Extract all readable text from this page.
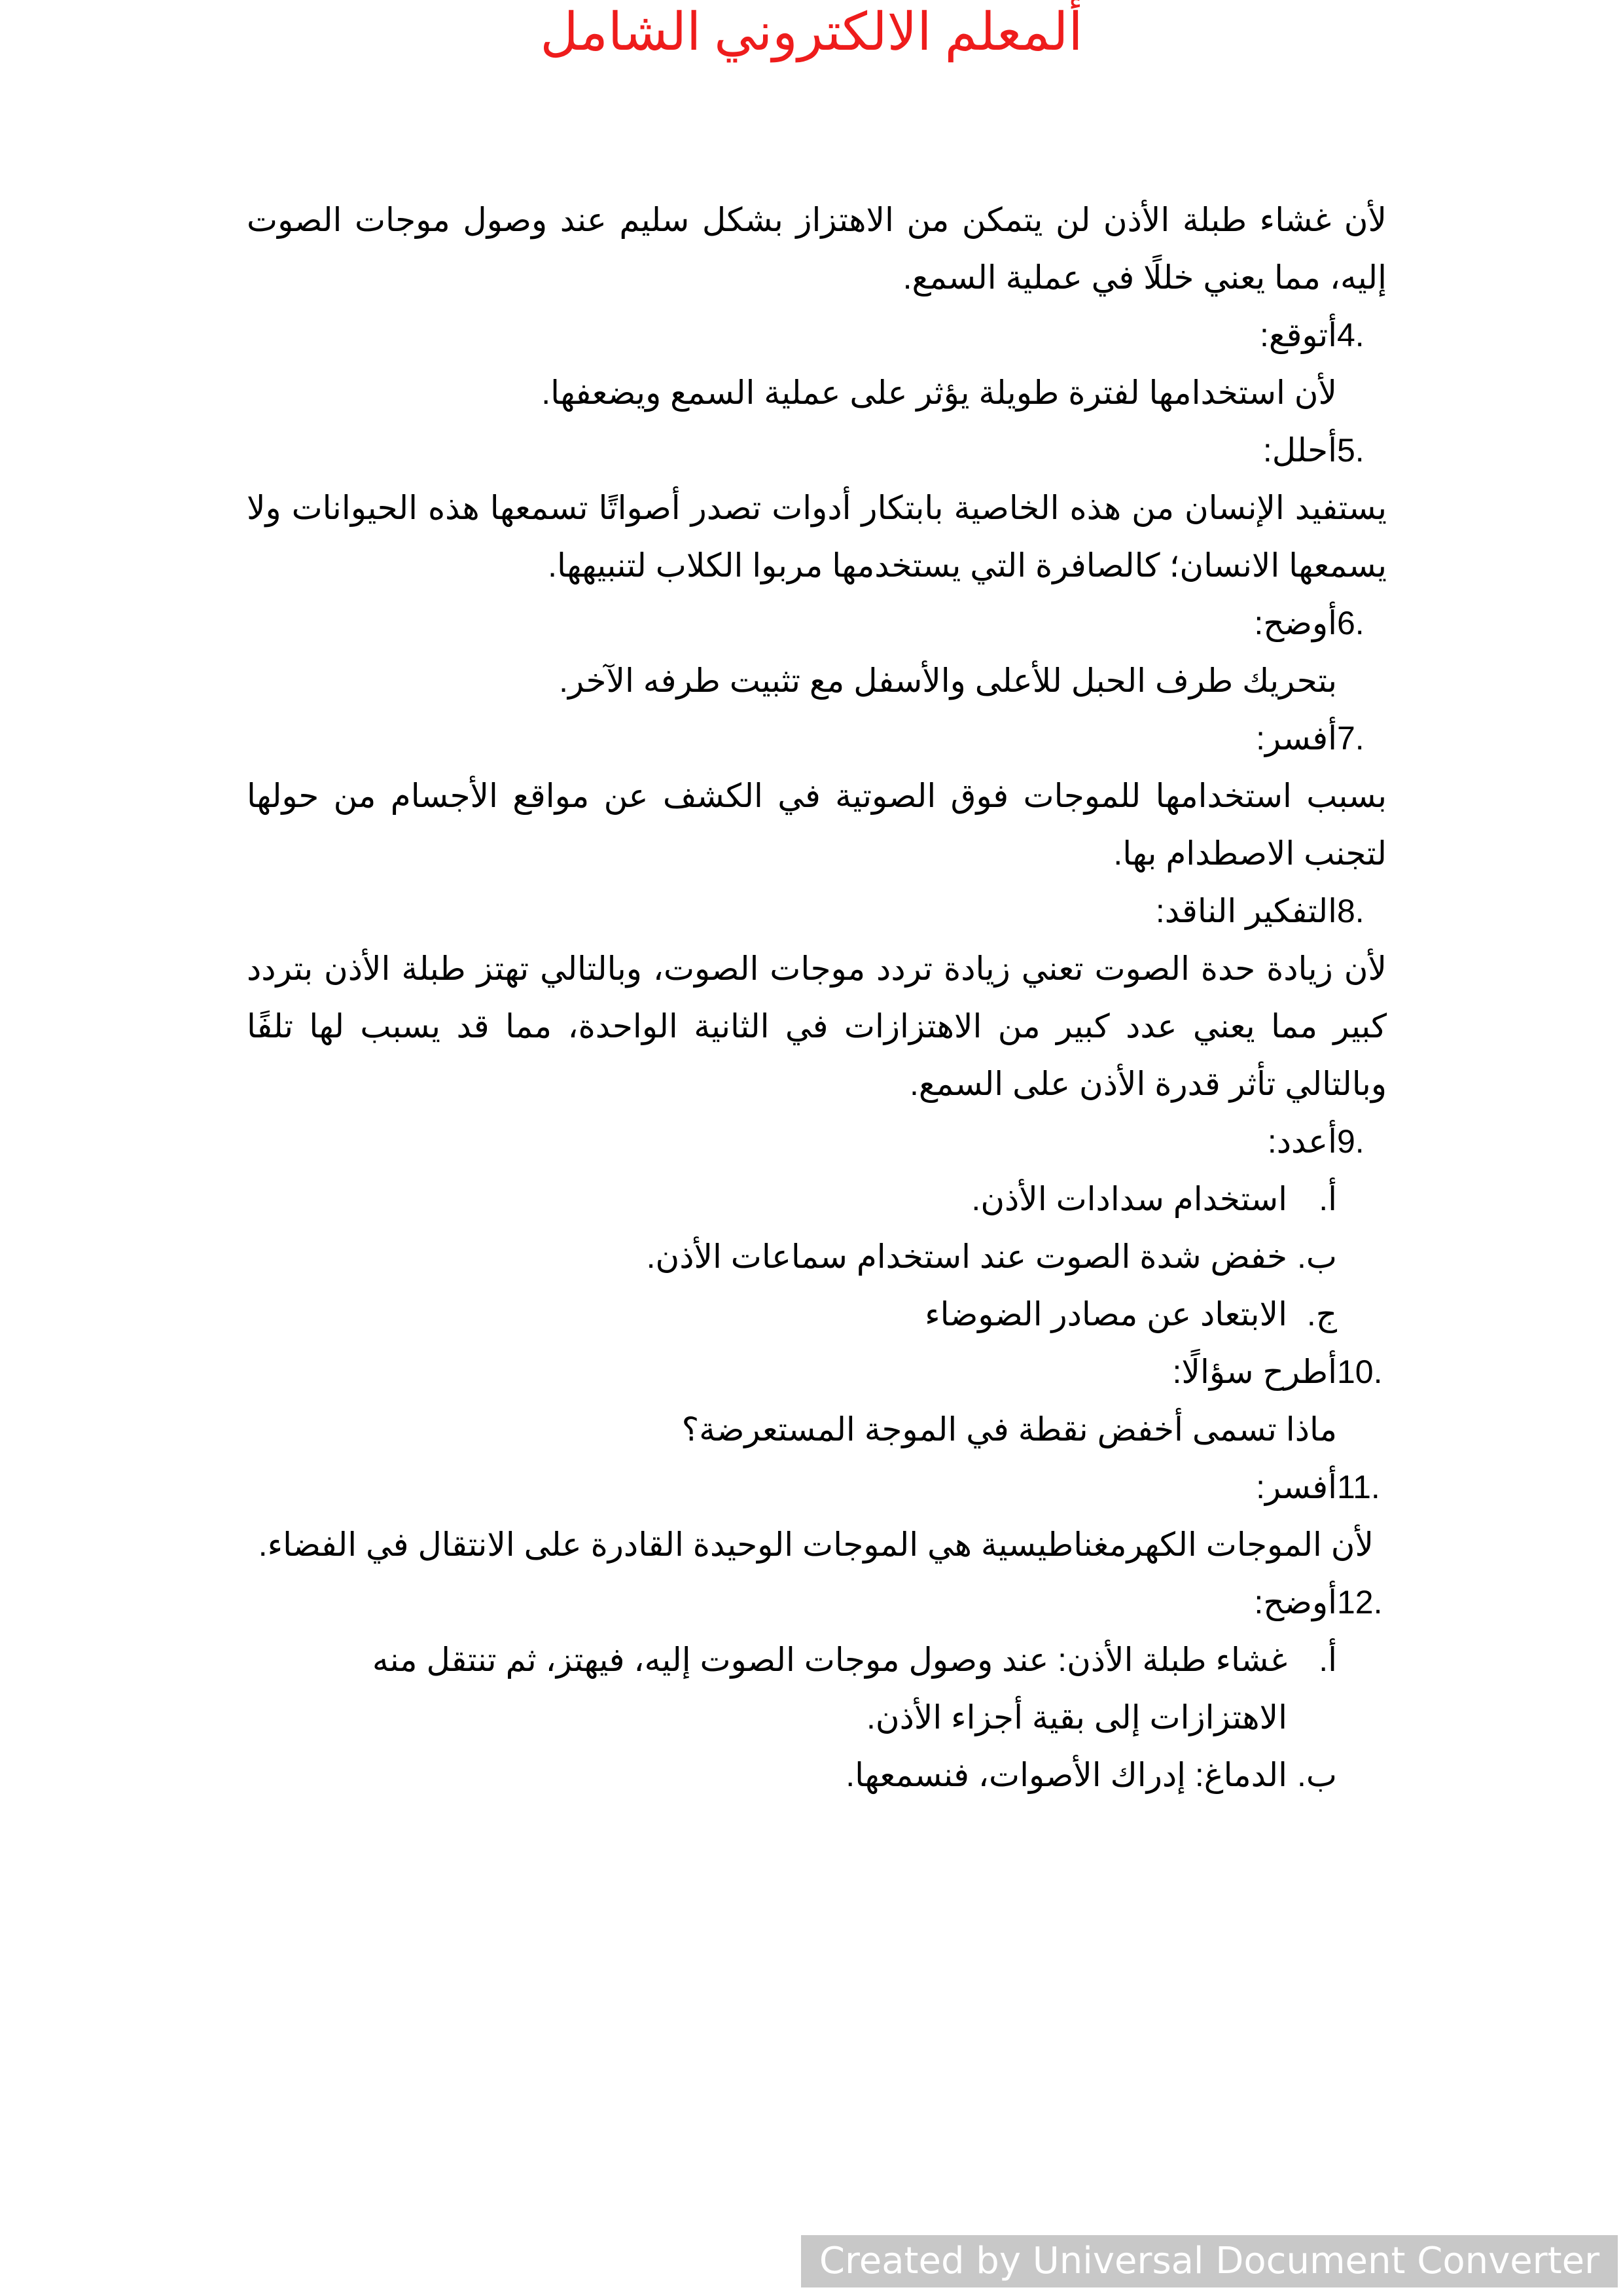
ألمعلم الالكتروني الشامل

لأن غشاء طبلة الأذن لن يتمكن من الاهتزاز بشكل سليم عند وصول موجات الصوت إليه، مما يعني خللًا في عملية السمع.

4.
أتوقع:

لأن استخدامها لفترة طويلة يؤثر على عملية السمع ويضعفها.

5.
أحلل:

يستفيد الإنسان من هذه الخاصية بابتكار أدوات تصدر أصواتًا تسمعها هذه الحيوانات ولا يسمعها الانسان؛ كالصافرة التي يستخدمها مربوا الكلاب لتنبيهها.

6.
أوضح:

بتحريك طرف الحبل للأعلى والأسفل مع تثبيت طرفه الآخر.

7.
أفسر:

بسبب استخدامها للموجات فوق الصوتية في الكشف عن مواقع الأجسام من حولها لتجنب الاصطدام بها.

8.
التفكير الناقد:

لأن زيادة حدة الصوت تعني زيادة تردد موجات الصوت، وبالتالي تهتز طبلة الأذن بتردد كبير مما يعني عدد كبير من الاهتزازات في الثانية الواحدة، مما قد يسبب لها تلفًا وبالتالي تأثر قدرة الأذن على السمع.

9.
أعدد:
أ.
استخدام سدادات الأذن.
ب.
خفض شدة الصوت عند استخدام سماعات الأذن.
ج.
الابتعاد عن مصادر الضوضاء
10.
أطرح سؤالًا:

ماذا تسمى أخفض نقطة في الموجة المستعرضة؟

11.
أفسر:

لأن الموجات الكهرمغناطيسية هي الموجات الوحيدة القادرة على الانتقال في الفضاء.

12.
أوضح:
أ.
غشاء طبلة الأذن: عند وصول موجات الصوت إليه، فيهتز، ثم تنتقل منه الاهتزازات إلى بقية أجزاء الأذن.
ب.
الدماغ: إدراك الأصوات، فنسمعها.
Created by Universal Document Converter
